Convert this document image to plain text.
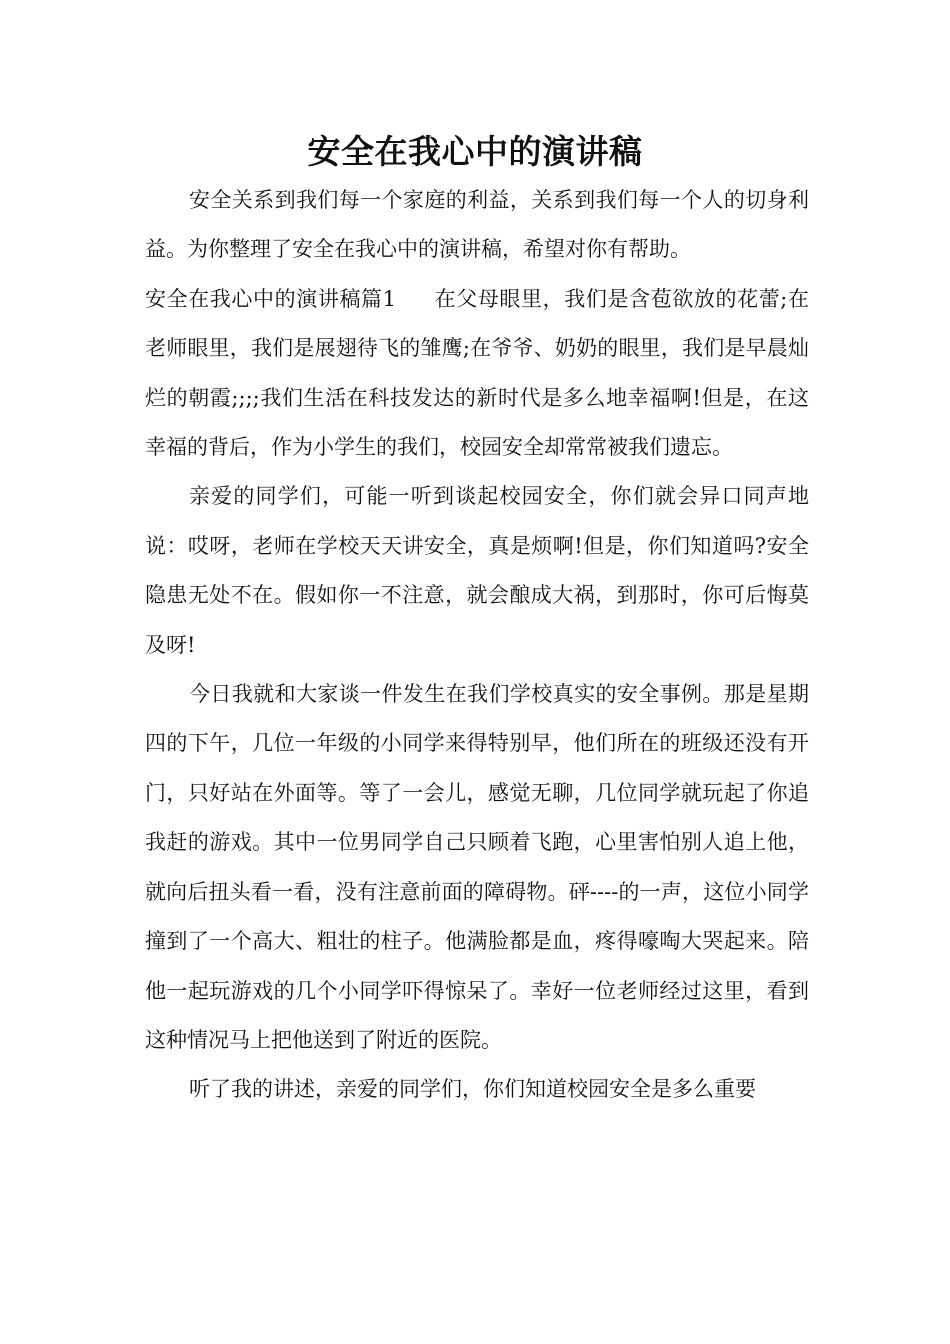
安全在我心中的演讲稿

安全关系到我们每一个家庭的利益，关系到我们每一个人的切身利益。为你整理了安全在我心中的演讲稿，希望对你有帮助。

安全在我心中的演讲稿篇1 在父母眼里，我们是含苞欲放的花蕾;在老师眼里，我们是展翅待飞的雏鹰;在爷爷、奶奶的眼里，我们是早晨灿烂的朝霞;;;;我们生活在科技发达的新时代是多么地幸福啊!但是，在这幸福的背后，作为小学生的我们，校园安全却常常被我们遗忘。

亲爱的同学们，可能一听到谈起校园安全，你们就会异口同声地说：哎呀，老师在学校天天讲安全，真是烦啊!但是，你们知道吗?安全隐患无处不在。假如你一不注意，就会酿成大祸，到那时，你可后悔莫及呀!

今日我就和大家谈一件发生在我们学校真实的安全事例。那是星期四的下午，几位一年级的小同学来得特别早，他们所在的班级还没有开门，只好站在外面等。等了一会儿，感觉无聊，几位同学就玩起了你追我赶的游戏。其中一位男同学自己只顾着飞跑，心里害怕别人追上他，就向后扭头看一看，没有注意前面的障碍物。砰----的一声，这位小同学撞到了一个高大、粗壮的柱子。他满脸都是血，疼得嚎啕大哭起来。陪他一起玩游戏的几个小同学吓得惊呆了。幸好一位老师经过这里，看到这种情况马上把他送到了附近的医院。

听了我的讲述，亲爱的同学们，你们知道校园安全是多么重要
